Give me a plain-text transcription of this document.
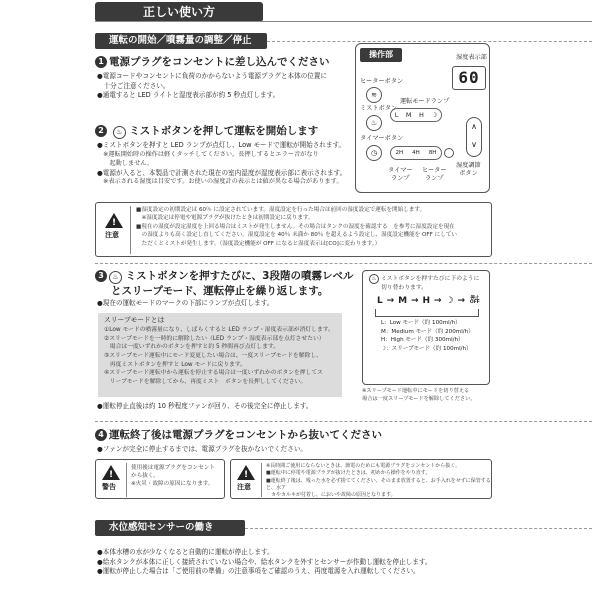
正しい使い方
運転の開始／噴霧量の調整／停止
1 電源プラグをコンセントに差し込んでください
●電源コードやコンセントに負荷のかからないよう電源プラグと本体の位置に
　十分ご注意ください。
●通電すると LED ライトと湿度表示部が約 5 秒点灯します。
2 ♨ ミストボタンを押して運転を開始します
●ミストボタンを押すと LED ランプが点灯し、Low モードで運転が開始されます。
　※運転開始時の操作は軽くタッチしてください。長押しするとエラー音がなり
　　起動しません。
●電源が入ると、本製品で計測された現在の室内湿度が湿度表示部に表示されます。
　※表示される湿度は目安です。お使いの湿度計の表示とは値が異なる場合があります。
操作部	湿度表示部
60
ヒーターボタン
≋
ミストボタン
♨
運転モードランプ
L M H ☽
タイマーボタン
◷	2H 4H 8H
∧
∨
タイマー
ランプ
ヒーター
ランプ
湿度調節
ボタン
!
注意
■湿度設定の初期設定は 60％ に設定されています。湿度設定を行った場合は前回の湿度設定で運転を開始します。
　※湿度設定は停電や電源プラグが抜けたときは初期設定に戻ります。
■現在の湿度が設定湿度を上回る場合はミストが発生しません。その場合はタンクの湿度を確認する　を参考に湿度設定を現在
　の湿度よりも高く設定し直してください。湿度設定を 40％ 未満か 80％ を超えるよう設定し、湿度設定機能を OFF にしてい
　ただくとミストが発生します。（湿度設定機能が OFF になると湿度表示は[CO]に変わります。）
3 ♨ ミストボタンを押すたびに、3段階の噴霧レベル
とスリープモード、運転停止を繰り返します。
●現在の運転モードのマークの下部にランプが点灯します。
スリープモードとは
①Low モードの噴霧量になり、しばらくすると LED ランプ・湿度表示部が消灯します。
②スリープモードを一時的に解除したい（LED ランプ・湿度表示部を点灯させたい）
　場合は一度いずれかのボタンを押すと約 5 秒間再び点灯します。
③スリープモード運転中にモード変更したい場合は、一度スリープモードを解除し、
　再度ミストボタンを押すと Low モードに戻ります。
④スリープモード運転中から運転を停止する場合は一度いずれかのボタンを押してス
　リープモードを解除してから、再度ミスト　ボタンを長押ししてください。
♨ ミストボタンを押すたびに下のように
切り替わります。
L → M → H → ☽ →	停止 OFF
L：Low モード（約 100ml/h）
M：Medium モード（約 200ml/h）
H：High モード（約 300ml/h）
☽：スリープモード（約 100ml/h）
※スリープモード運転中にモードを切り替える
場合は一度スリープモードを解除してください。
●運転停止直後は約 10 秒程度ファンが回り、その後完全に停止します。
4 運転終了後は電源プラグをコンセントから抜いてください
●ファンが完全に停止するまでは、電源プラグを抜かないでください。
!
警告
使用後は電源プラグをコンセント
から抜く。
※火災・故障の原因になります。
!
注意
※長時間ご使用にならないときは、節電のためにも電源プラグをコンセントから抜く。
■運転中に停電や電源プラグが抜けたときは、初めから操作をやり直す。
■運転終了後は、残った水を必ず捨ててください。そのまま放置すると、お手入れをせずに保管すると、水ア
　カやカルキが付着し、においや故障の原因となります。
水位感知センサーの働き
●本体水槽の水が少なくなると自動的に運転が停止します。
●給水タンクが本体に正しく接続されていない場合や、給水タンクを外すとセンサーが作動し運転を停止します。
●運転が停止した場合は「ご使用前の準備」の注意事項をご確認のうえ、再度電源を入れ運転してください。
